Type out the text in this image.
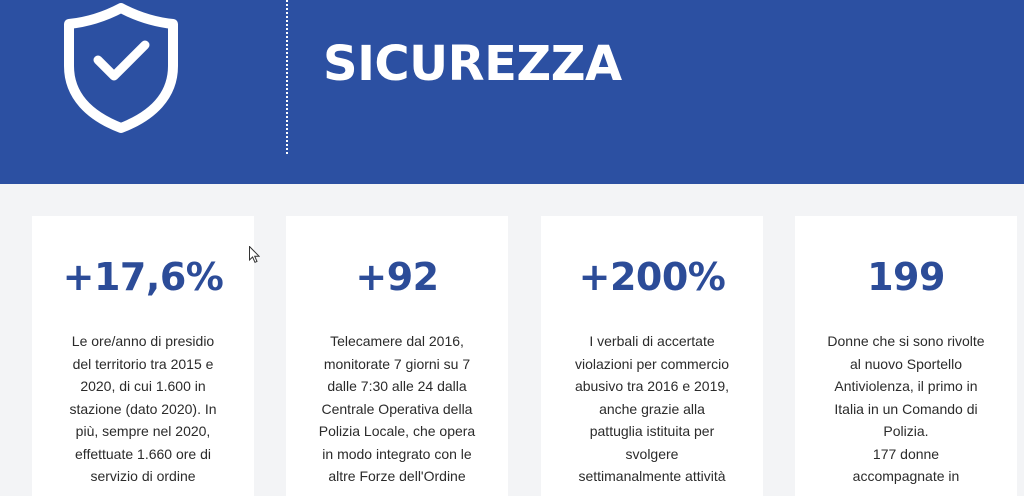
SICUREZZA
+17,6%
Le ore/anno di presidio
del territorio tra 2015 e
2020, di cui 1.600 in
stazione (dato 2020). In
più, sempre nel 2020,
effettuate 1.660 ore di
servizio di ordine
+92
Telecamere dal 2016,
monitorate 7 giorni su 7
dalle 7:30 alle 24 dalla
Centrale Operativa della
Polizia Locale, che opera
in modo integrato con le
altre Forze dell'Ordine
+200%
I verbali di accertate
violazioni per commercio
abusivo tra 2016 e 2019,
anche grazie alla
pattuglia istituita per
svolgere
settimanalmente attività
199
Donne che si sono rivolte
al nuovo Sportello
Antiviolenza, il primo in
Italia in un Comando di
Polizia.
177 donne
accompagnate in
